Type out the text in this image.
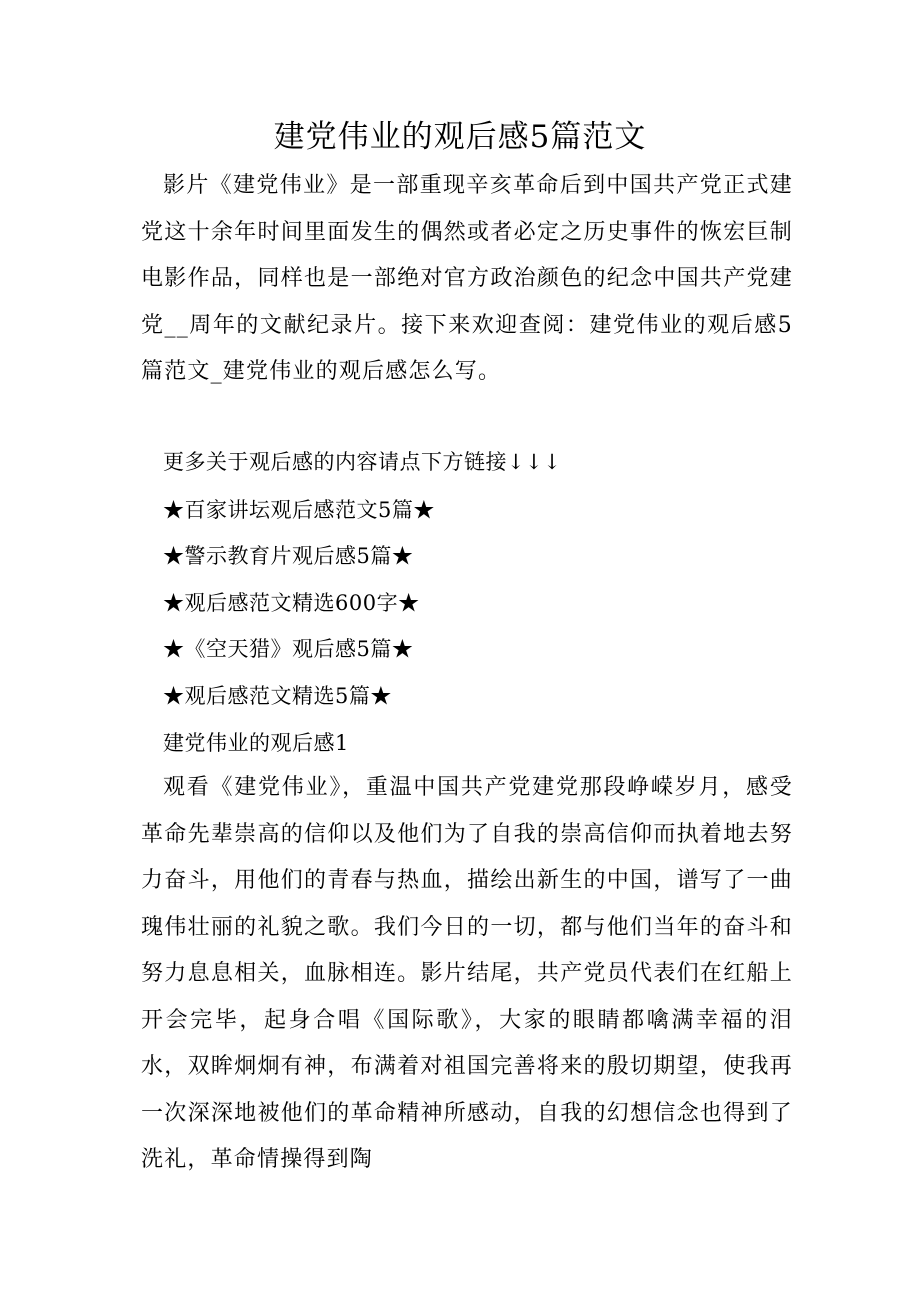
建党伟业的观后感5篇范文

影片《建党伟业》是一部重现辛亥革命后到中国共产党正式建党这十余年时间里面发生的偶然或者必定之历史事件的恢宏巨制电影作品，同样也是一部绝对官方政治颜色的纪念中国共产党建党__周年的文献纪录片。接下来欢迎查阅：建党伟业的观后感5篇范文_建党伟业的观后感怎么写。

更多关于观后感的内容请点下方链接↓↓↓

★百家讲坛观后感范文5篇★

★警示教育片观后感5篇★

★观后感范文精选600字★

★《空天猎》观后感5篇★

★观后感范文精选5篇★

建党伟业的观后感1

观看《建党伟业》，重温中国共产党建党那段峥嵘岁月，感受革命先辈崇高的信仰以及他们为了自我的崇高信仰而执着地去努力奋斗，用他们的青春与热血，描绘出新生的中国，谱写了一曲瑰伟壮丽的礼貌之歌。我们今日的一切，都与他们当年的奋斗和努力息息相关，血脉相连。影片结尾，共产党员代表们在红船上开会完毕，起身合唱《国际歌》，大家的眼睛都噙满幸福的泪水，双眸炯炯有神，布满着对祖国完善将来的殷切期望，使我再一次深深地被他们的革命精神所感动，自我的幻想信念也得到了洗礼，革命情操得到陶
